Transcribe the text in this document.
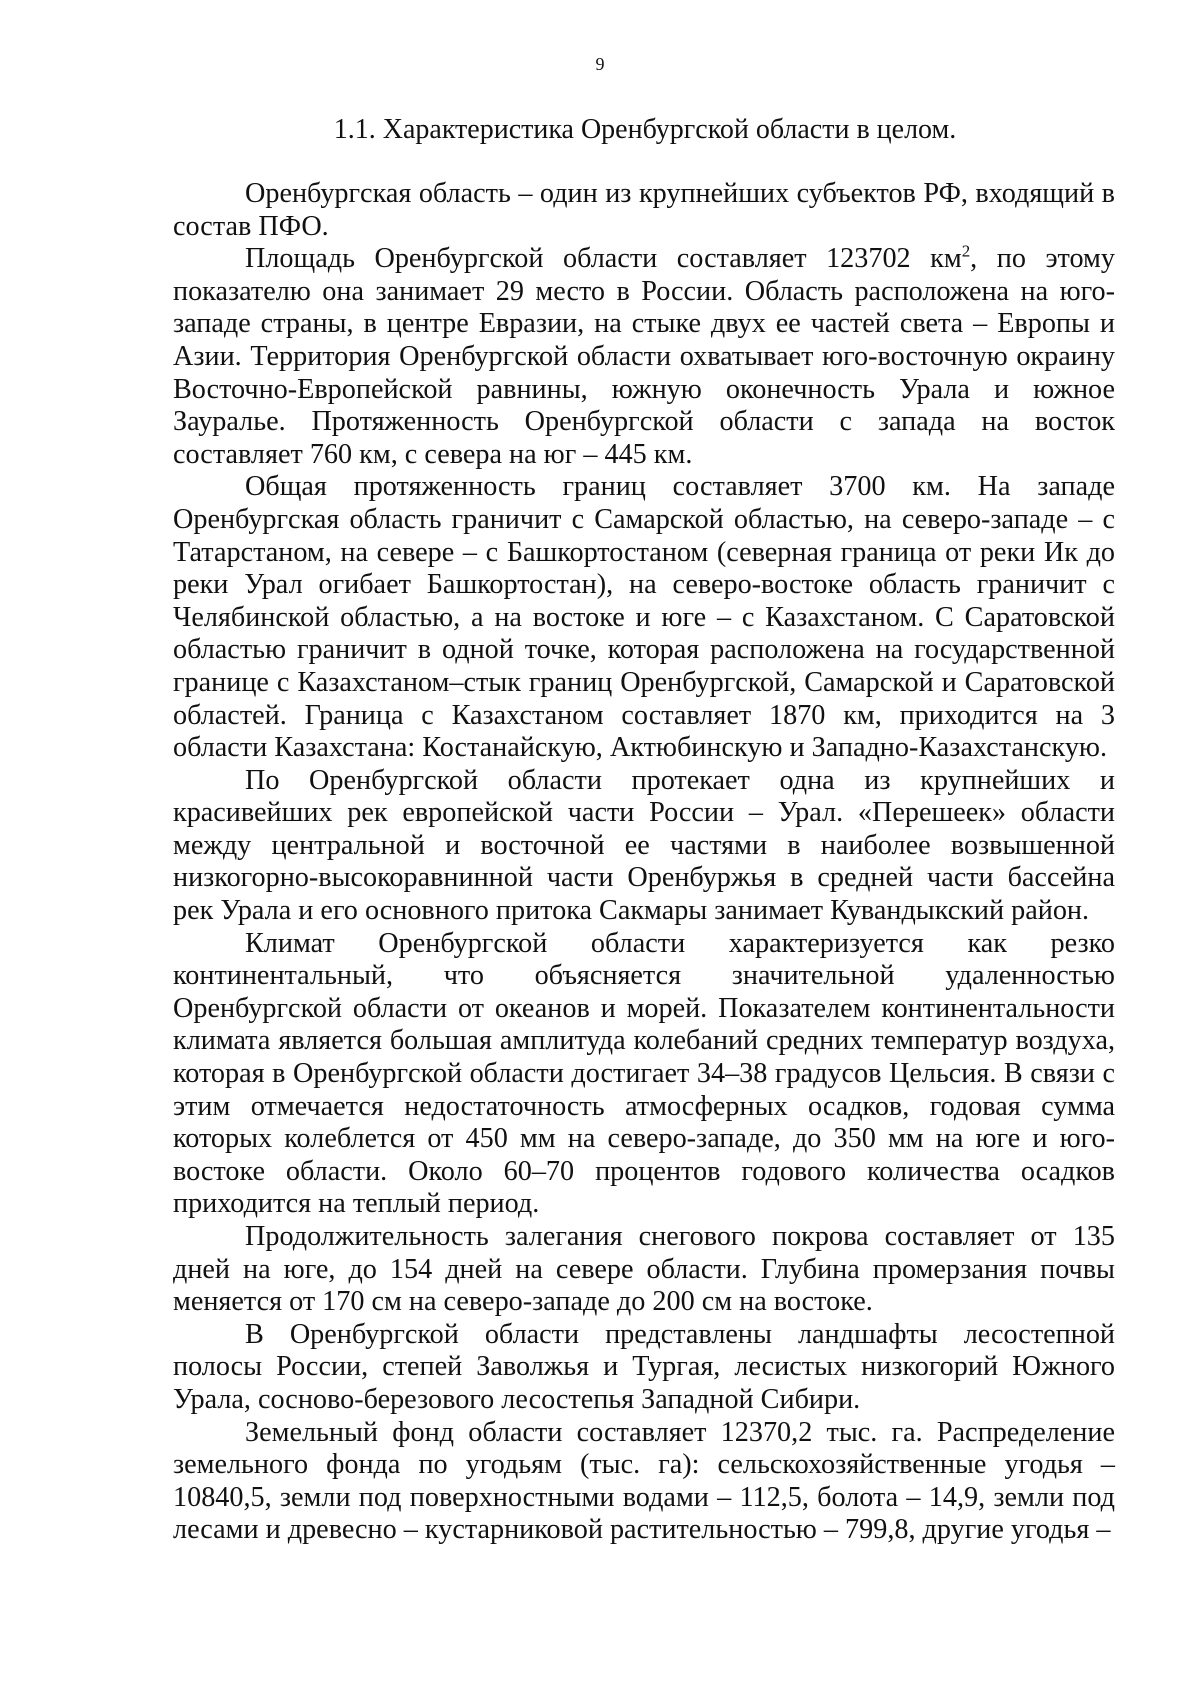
9
1.1. Характеристика Оренбургской области в целом.

Оренбургская область – один из крупнейших субъектов РФ, входящий в состав ПФО.

Площадь Оренбургской области составляет 123702 $км^2$, по этому показателю она занимает 29 место в России. Область расположена на юго-западе страны, в центре Евразии, на стыке двух ее частей света – Европы и Азии. Территория Оренбургской области охватывает юго-восточную окраину Восточно-Европейской равнины, южную оконечность Урала и южное Зауралье. Протяженность Оренбургской области с запада на восток составляет 760 км, с севера на юг – 445 км.

Общая протяженность границ составляет 3700 км. На западе Оренбургская область граничит с Самарской областью, на северо-западе – с Татарстаном, на севере – с Башкортостаном (северная граница от реки Ик до реки Урал огибает Башкортостан), на северо-востоке область граничит с Челябинской областью, а на востоке и юге – с Казахстаном. С Саратовской областью граничит в одной точке, которая расположена на государственной границе с Казахстаном–стык границ Оренбургской, Самарской и Саратовской областей. Граница с Казахстаном составляет 1870 км, приходится на 3 области Казахстана: Костанайскую, Актюбинскую и Западно-Казахстанскую.

По Оренбургской области протекает одна из крупнейших и красивейших рек европейской части России – Урал. «Перешеек» области между центральной и восточной ее частями в наиболее возвышенной низкогорно-высокоравнинной части Оренбуржья в средней части бассейна рек Урала и его основного притока Сакмары занимает Кувандыкский район.

Климат Оренбургской области характеризуется как резко континентальный, что объясняется значительной удаленностью Оренбургской области от океанов и морей. Показателем континентальности климата является большая амплитуда колебаний средних температур воздуха, которая в Оренбургской области достигает 34–38 градусов Цельсия. В связи с этим отмечается недостаточность атмосферных осадков, годовая сумма которых колеблется от 450 мм на северо-западе, до 350 мм на юге и юго-востоке области. Около 60–70 процентов годового количества осадков приходится на теплый период.

Продолжительность залегания снегового покрова составляет от 135 дней на юге, до 154 дней на севере области. Глубина промерзания почвы меняется от 170 см на северо-западе до 200 см на востоке.

В Оренбургской области представлены ландшафты лесостепной полосы России, степей Заволжья и Тургая, лесистых низкогорий Южного Урала, сосново-березового лесостепья Западной Сибири.

Земельный фонд области составляет 12370,2 тыс. га. Распределение земельного фонда по угодьям (тыс. га): сельскохозяйственные угодья – 10840,5, земли под поверхностными водами – 112,5, болота – 14,9, земли под лесами и древесно – кустарниковой растительностью – 799,8, другие угодья –
